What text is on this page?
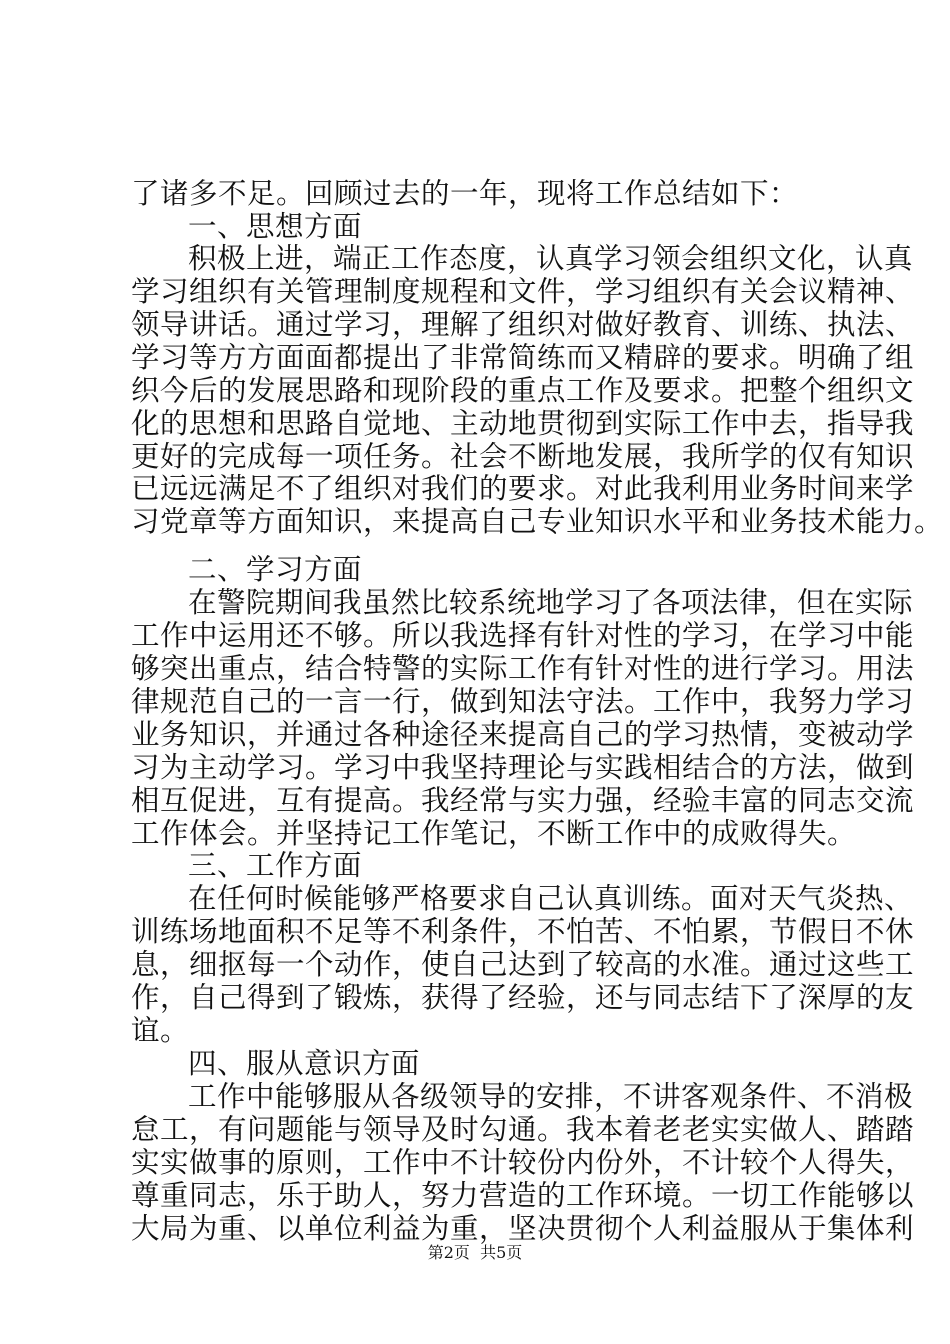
了诸多不足。回顾过去的一年，现将工作总结如下：
一、思想方面
积极上进，端正工作态度，认真学习领会组织文化，认真
学习组织有关管理制度规程和文件，学习组织有关会议精神、
领导讲话。通过学习，理解了组织对做好教育、训练、执法、
学习等方方面面都提出了非常简练而又精辟的要求。明确了组
织今后的发展思路和现阶段的重点工作及要求。把整个组织文
化的思想和思路自觉地、主动地贯彻到实际工作中去，指导我
更好的完成每一项任务。社会不断地发展，我所学的仅有知识
已远远满足不了组织对我们的要求。对此我利用业务时间来学
习党章等方面知识，来提高自己专业知识水平和业务技术能力。
二、学习方面
在警院期间我虽然比较系统地学习了各项法律，但在实际
工作中运用还不够。所以我选择有针对性的学习，在学习中能
够突出重点，结合特警的实际工作有针对性的进行学习。用法
律规范自己的一言一行，做到知法守法。工作中，我努力学习
业务知识，并通过各种途径来提高自己的学习热情，变被动学
习为主动学习。学习中我坚持理论与实践相结合的方法，做到
相互促进，互有提高。我经常与实力强，经验丰富的同志交流
工作体会。并坚持记工作笔记，不断工作中的成败得失。
三、工作方面
在任何时候能够严格要求自己认真训练。面对天气炎热、
训练场地面积不足等不利条件，不怕苦、不怕累，节假日不休
息，细抠每一个动作，使自己达到了较高的水准。通过这些工
作，自己得到了锻炼，获得了经验，还与同志结下了深厚的友
谊。
四、服从意识方面
工作中能够服从各级领导的安排，不讲客观条件、不消极
怠工，有问题能与领导及时勾通。我本着老老实实做人、踏踏
实实做事的原则，工作中不计较份内份外，不计较个人得失，
尊重同志，乐于助人，努力营造的工作环境。一切工作能够以
大局为重、以单位利益为重，坚决贯彻个人利益服从于集体利
第2页  共5页
